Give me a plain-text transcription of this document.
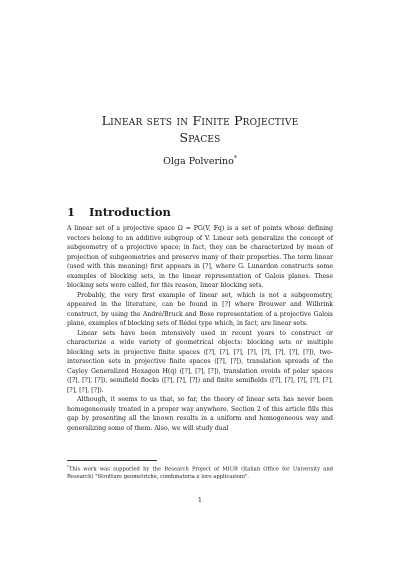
Linear sets in Finite Projective
Spaces
Olga Polverino*
1 Introduction

A linear set of a projective space Ω = PG(V, 𝔽q) is a set of points whose defining vectors belong to an additive subgroup of V. Linear sets generalize the concept of subgeometry of a projective space; in fact, they can be characterized by mean of projection of subgeometries and preserve many of their properties. The term linear (used with this meaning) first appears in [?], where G. Lunardon constructs some examples of blocking sets, in the linear representation of Galois planes. These blocking sets were called, for this reason, linear blocking sets.

Probably, the very first example of linear set, which is not a subgeometry, appeared in the literature, can be found in [?] where Brouwer and Wilbrink construct, by using the André/Bruck and Bose representation of a projective Galois plane, examples of blocking sets of Rédei type which, in fact, are linear sets.

Linear sets have been intensively used in recent years to construct or characterize a wide variety of geometrical objects: blocking sets or multiple blocking sets in projective finite spaces ([?], [?], [?], [?], [?], [?], [?], [?]), two-intersection sets in projective finite spaces ([?], [?]), translation spreads of the Cayley Generalized Hexagon H(q) ([?], [?], [?]), translation ovoids of polar spaces ([?], [?], [?]), semifield flocks ([?], [?], [?]) and finite semifields ([?], [?], [?], [?], [?], [?], [?], [?]).

Although, it seems to us that, so far, the theory of linear sets has never been homogeneously treated in a proper way anywhere. Section 2 of this article fills this gap by presenting all the known results in a uniform and homogeneous way and generalizing some of them. Also, we will study dual

*This work was supported by the Research Project of MIUR (Italian Office for University and Research) "Strutture geometriche, combinatoria e loro applicazioni".
1
